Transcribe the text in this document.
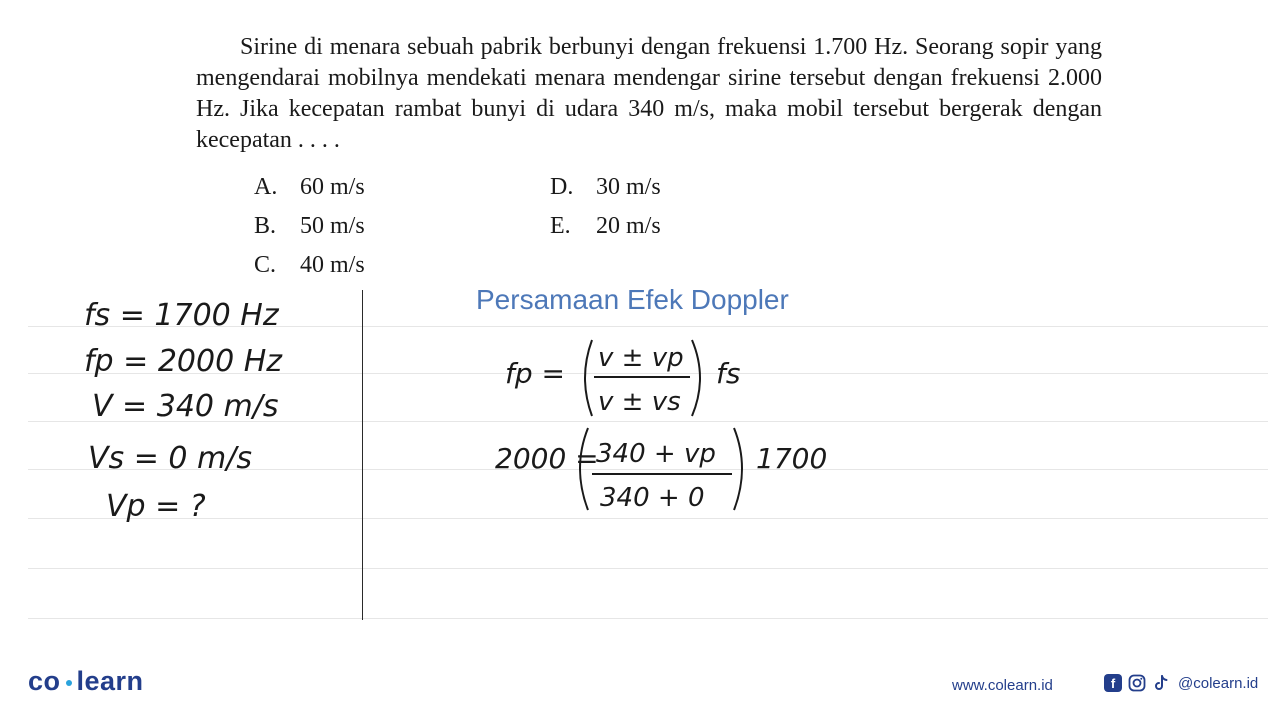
Sirine di menara sebuah pabrik berbunyi dengan frekuensi 1.700 Hz. Seorang sopir yang mengendarai mobilnya mendekati menara mendengar sirine tersebut dengan frekuensi 2.000 Hz. Jika kecepatan rambat bunyi di udara 340 m/s, maka mobil tersebut bergerak dengan kecepatan . . . .
A. 60 m/s
B. 50 m/s
C. 40 m/s
D. 30 m/s
E. 20 m/s
Persamaan Efek Doppler
fs = 1700 Hz
fp = 2000 Hz
V = 340 m/s
Vs = 0 m/s
Vp = ?
fp = v ± vp
v ± vs
fs
2000 =
340 + vp
340 + 0
1700
co learn	www.colearn.id	f	@colearn.id
